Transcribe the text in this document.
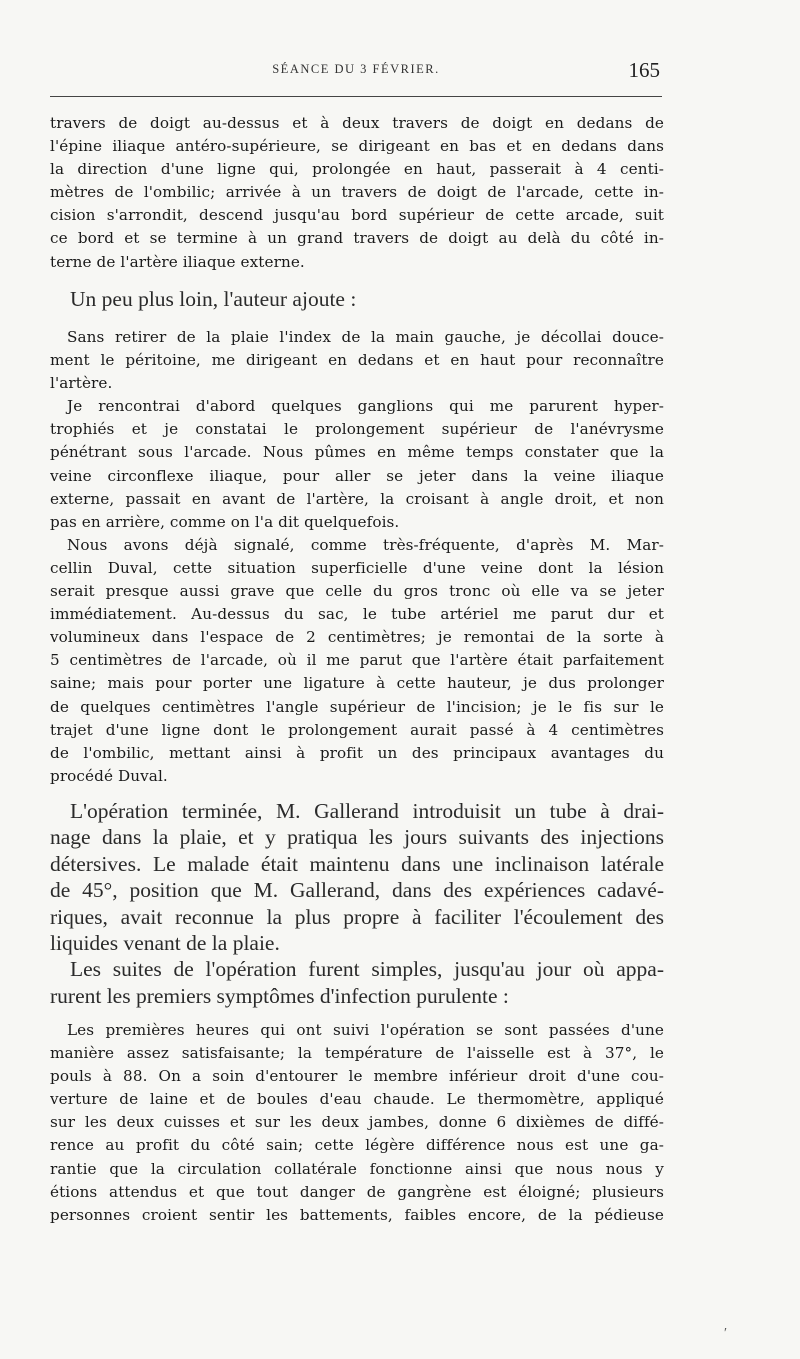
SÉANCE DU 3 FÉVRIER.	165
travers de doigt au-dessus et à deux travers de doigt en dedans de
l'épine iliaque antéro-supérieure, se dirigeant en bas et en dedans dans
la direction d'une ligne qui, prolongée en haut, passerait à 4 centi-
mètres de l'ombilic; arrivée à un travers de doigt de l'arcade, cette in-
cision s'arrondit, descend jusqu'au bord supérieur de cette arcade, suit
ce bord et se termine à un grand travers de doigt au delà du côté in-
terne de l'artère iliaque externe.
Un peu plus loin, l'auteur ajoute :
Sans retirer de la plaie l'index de la main gauche, je décollai douce-
ment le péritoine, me dirigeant en dedans et en haut pour reconnaître
l'artère.
Je rencontrai d'abord quelques ganglions qui me parurent hyper-
trophiés et je constatai le prolongement supérieur de l'anévrysme
pénétrant sous l'arcade. Nous pûmes en même temps constater que la
veine circonflexe iliaque, pour aller se jeter dans la veine iliaque
externe, passait en avant de l'artère, la croisant à angle droit, et non
pas en arrière, comme on l'a dit quelquefois.
Nous avons déjà signalé, comme très-fréquente, d'après M. Mar-
cellin Duval, cette situation superficielle d'une veine dont la lésion
serait presque aussi grave que celle du gros tronc où elle va se jeter
immédiatement. Au-dessus du sac, le tube artériel me parut dur et
volumineux dans l'espace de 2 centimètres; je remontai de la sorte à
5 centimètres de l'arcade, où il me parut que l'artère était parfaitement
saine; mais pour porter une ligature à cette hauteur, je dus prolonger
de quelques centimètres l'angle supérieur de l'incision; je le fis sur le
trajet d'une ligne dont le prolongement aurait passé à 4 centimètres
de l'ombilic, mettant ainsi à profit un des principaux avantages du
procédé Duval.
L'opération terminée, M. Gallerand introduisit un tube à drai-
nage dans la plaie, et y pratiqua les jours suivants des injections
détersives. Le malade était maintenu dans une inclinaison latérale
de 45°, position que M. Gallerand, dans des expériences cadavé-
riques, avait reconnue la plus propre à faciliter l'écoulement des
liquides venant de la plaie.
Les suites de l'opération furent simples, jusqu'au jour où appa-
rurent les premiers symptômes d'infection purulente :
Les premières heures qui ont suivi l'opération se sont passées d'une
manière assez satisfaisante; la température de l'aisselle est à 37°, le
pouls à 88. On a soin d'entourer le membre inférieur droit d'une cou-
verture de laine et de boules d'eau chaude. Le thermomètre, appliqué
sur les deux cuisses et sur les deux jambes, donne 6 dixièmes de diffé-
rence au profit du côté sain; cette légère différence nous est une ga-
rantie que la circulation collatérale fonctionne ainsi que nous nous y
étions attendus et que tout danger de gangrène est éloigné; plusieurs
personnes croient sentir les battements, faibles encore, de la pédieuse
′
